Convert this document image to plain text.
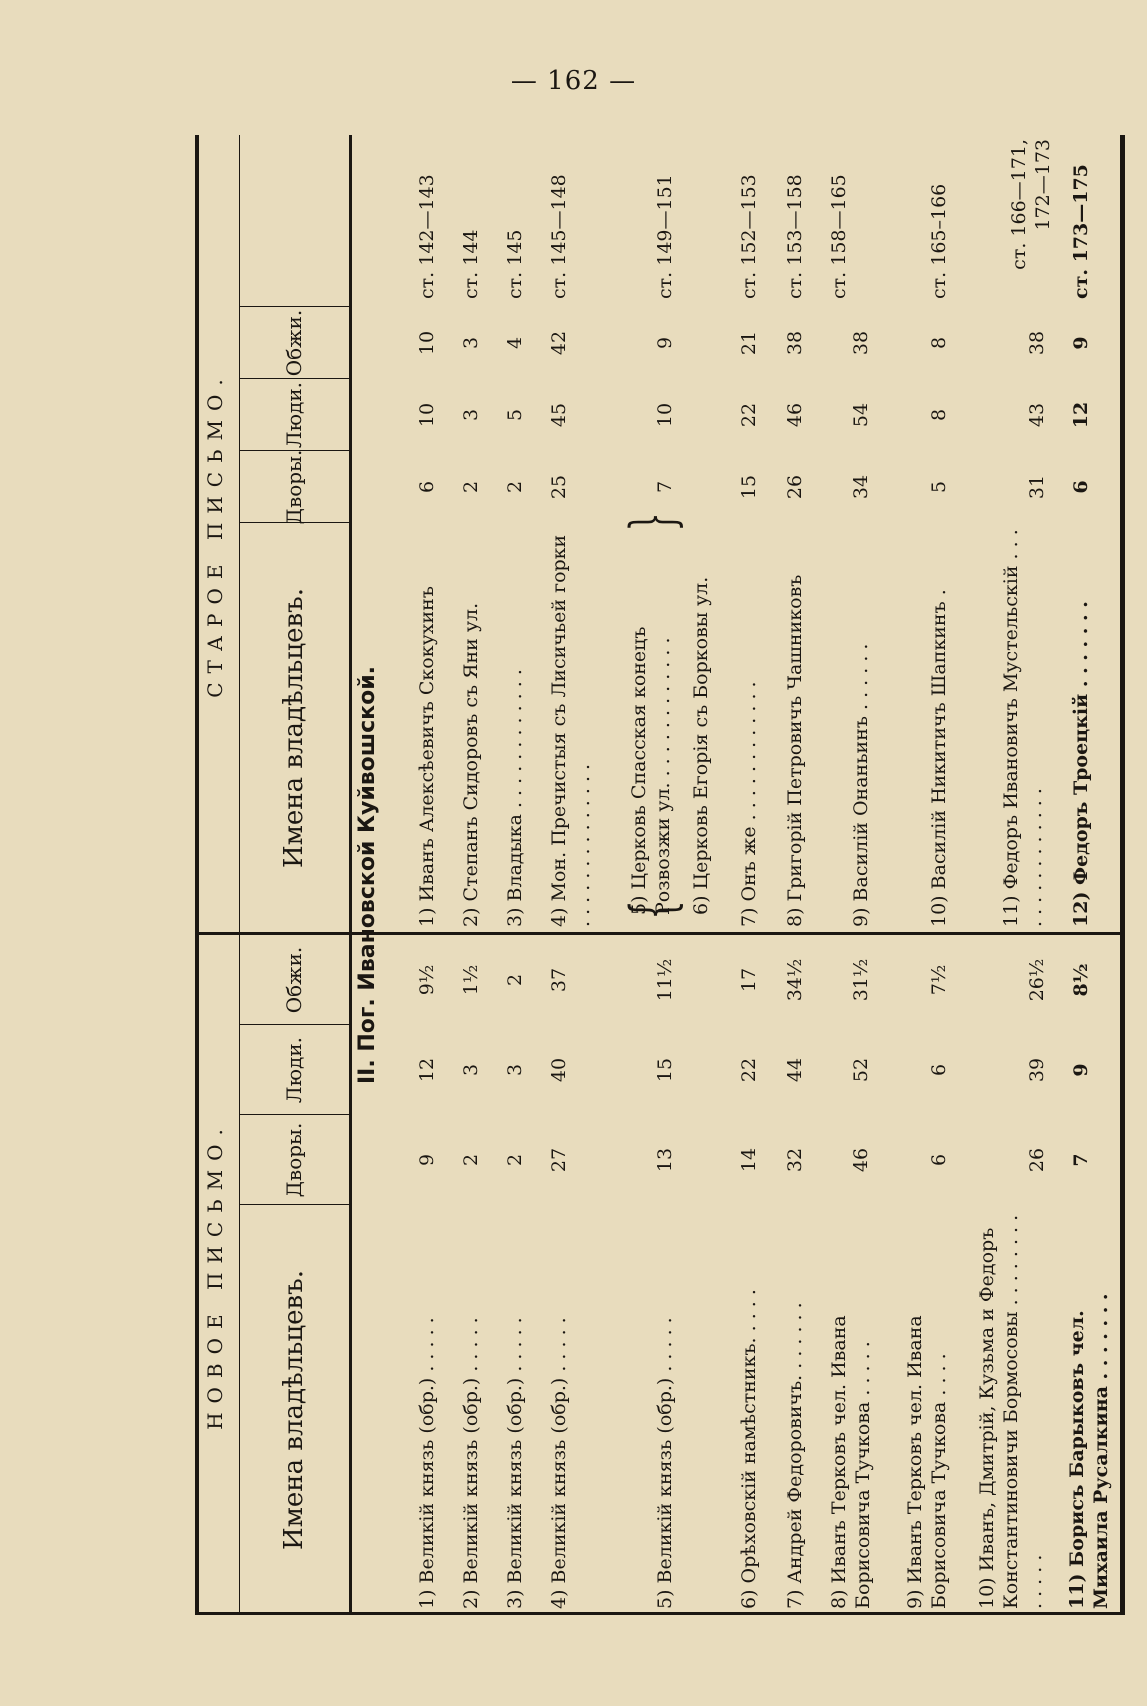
— 162 —
НОВОЕ ПИСЬМО.
СТАРОЕ ПИСЬМО.
Имена владѣльцевъ.
Дворы.
Люди.
Обжи.
Имена владѣльцевъ.
Дворы.
Люди.
Обжи.
II. Пог. Ивановской Куйвошской.
1) Великій князь (обр.) . . . . .
9
12
9½
2) Великій князь (обр.) . . . . .
2
3
1½
3) Великій князь (обр.) . . . . .
2
3
2
4) Великій князь (обр.) . . . . .
27
40
37
5) Великій князь (обр.) . . . . .
13
15
11½
6) Орѣховскій намѣстникъ. . . . .
14
22
17
7) Андрей Федоровичъ. . . . . . .
32
44
34½
8) Иванъ Терковъ чел. Ивана Борисовича Тучкова . . . . .
46
52
31½
9) Иванъ Терковъ чел. Ивана Борисовича Тучкова . . . .
6
6
7½
10) Иванъ, Дмитрій, Кузьма и Федоръ Константиновичи Бормосовы . . . . . . . . . . . . .
26
39
26½
11) Борисъ Барыковъ чел. Михаила Русалкина . . . . . . .
7
9
8½
1) Иванъ Алексѣевичъ Скокухинъ
6
10
10
ст. 142—143
2) Степанъ Сидоровъ съ Яни ул.
2
3
3
ст. 144
3) Владыка . . . . . . . . . . . .
2
5
4
ст. 145
4) Мон. Пречистыя съ Лисичьей горки . . . . . . . . . . . . . .
25
45
42
ст. 145—148
5) Церковь Спасская конецъ Розвозжи ул. . . . . . . . . . . . .
7
10
9
ст. 149—151
6) Церковь Егорія съ Борковы ул.
{
}
7) Онъ же . . . . . . . . . . . .
15
22
21
ст. 152—153
8) Григорій Петровичъ Чашниковъ
26
46
38
ст. 153—158
9) Василій Онаньинъ . . . . . .
34
54
38
ст. 158—165
10) Василій Никитичъ Шапкинъ .
5
8
8
ст. 165–166
11) Федоръ Ивановичъ Мустельскій . . . . . . . . . . . . . . .
31
43
38
ст. 166—171, 172—173
12) Федоръ Троецкій . . . . . . .
6
12
9
ст. 173—175
